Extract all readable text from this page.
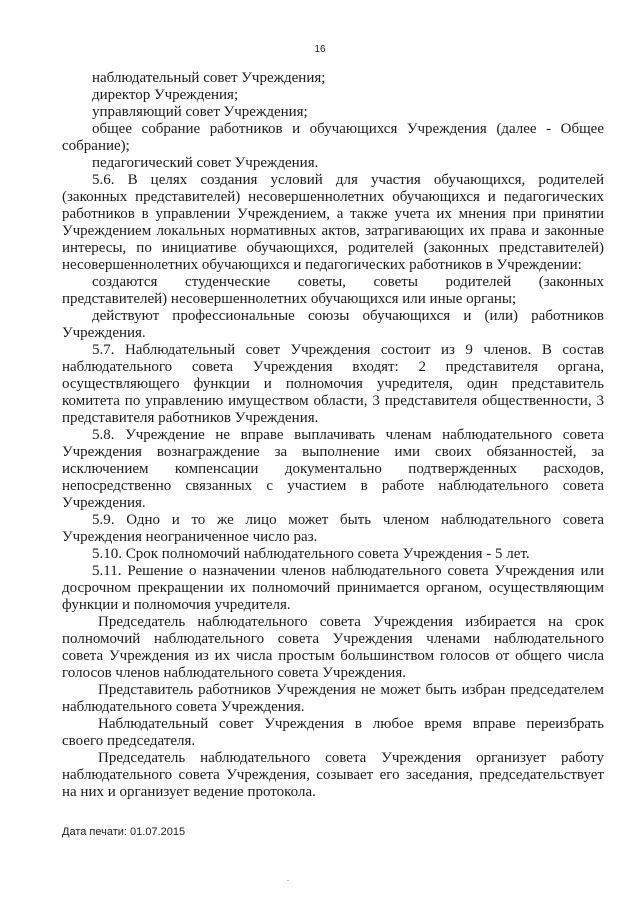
16
наблюдательный совет Учреждения;
директор Учреждения;
управляющий совет Учреждения;
общее собрание работников и обучающихся Учреждения (далее - Общее
собрание);
педагогический совет Учреждения.
5.6. В целях создания условий для участия обучающихся, родителей
(законных представителей) несовершеннолетних обучающихся и педагогических
работников в управлении Учреждением, а также учета их мнения при принятии
Учреждением локальных нормативных актов, затрагивающих их права и законные
интересы, по инициативе обучающихся, родителей (законных представителей)
несовершеннолетних обучающихся и педагогических работников в Учреждении:
создаются студенческие советы, советы родителей (законных
представителей) несовершеннолетних обучающихся или иные органы;
действуют профессиональные союзы обучающихся и (или) работников
Учреждения.
5.7. Наблюдательный совет Учреждения состоит из 9 членов. В состав
наблюдательного совета Учреждения входят: 2 представителя органа,
осуществляющего функции и полномочия учредителя, один представитель
комитета по управлению имуществом области, 3 представителя общественности, 3
представителя работников Учреждения.
5.8. Учреждение не вправе выплачивать членам наблюдательного совета
Учреждения вознаграждение за выполнение ими своих обязанностей, за
исключением компенсации документально подтвержденных расходов,
непосредственно связанных с участием в работе наблюдательного совета
Учреждения.
5.9. Одно и то же лицо может быть членом наблюдательного совета
Учреждения неограниченное число раз.
5.10. Срок полномочий наблюдательного совета Учреждения - 5 лет.
5.11. Решение о назначении членов наблюдательного совета Учреждения или
досрочном прекращении их полномочий принимается органом, осуществляющим
функции и полномочия учредителя.
Председатель наблюдательного совета Учреждения избирается на срок
полномочий наблюдательного совета Учреждения членами наблюдательного
совета Учреждения из их числа простым большинством голосов от общего числа
голосов членов наблюдательного совета Учреждения.
Представитель работников Учреждения не может быть избран председателем
наблюдательного совета Учреждения.
Наблюдательный совет Учреждения в любое время вправе переизбрать
своего председателя.
Председатель наблюдательного совета Учреждения организует работу
наблюдательного совета Учреждения, созывает его заседания, председательствует
на них и организует ведение протокола.
Дата печати: 01.07.2015
